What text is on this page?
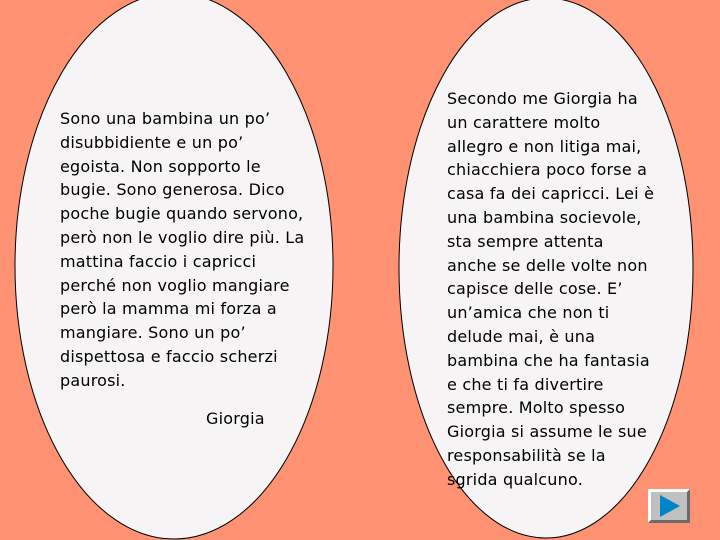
Sono una bambina un po’
disubbidiente e un po’
egoista. Non sopporto le
bugie. Sono generosa. Dico
poche bugie quando servono,
però non le voglio dire più. La
mattina faccio i capricci
perché non voglio mangiare
però la mamma mi forza a
mangiare. Sono un po’
dispettosa e faccio scherzi
paurosi.
Giorgia
Secondo me Giorgia ha
un carattere molto
allegro e non litiga mai,
chiacchiera poco forse a
casa fa dei capricci. Lei è
una bambina socievole,
sta sempre attenta
anche se delle volte non
capisce delle cose. E’
un’amica che non ti
delude mai, è una
bambina che ha fantasia
e che ti fa divertire
sempre. Molto spesso
Giorgia si assume le sue
responsabilità se la
sgrida qualcuno.
